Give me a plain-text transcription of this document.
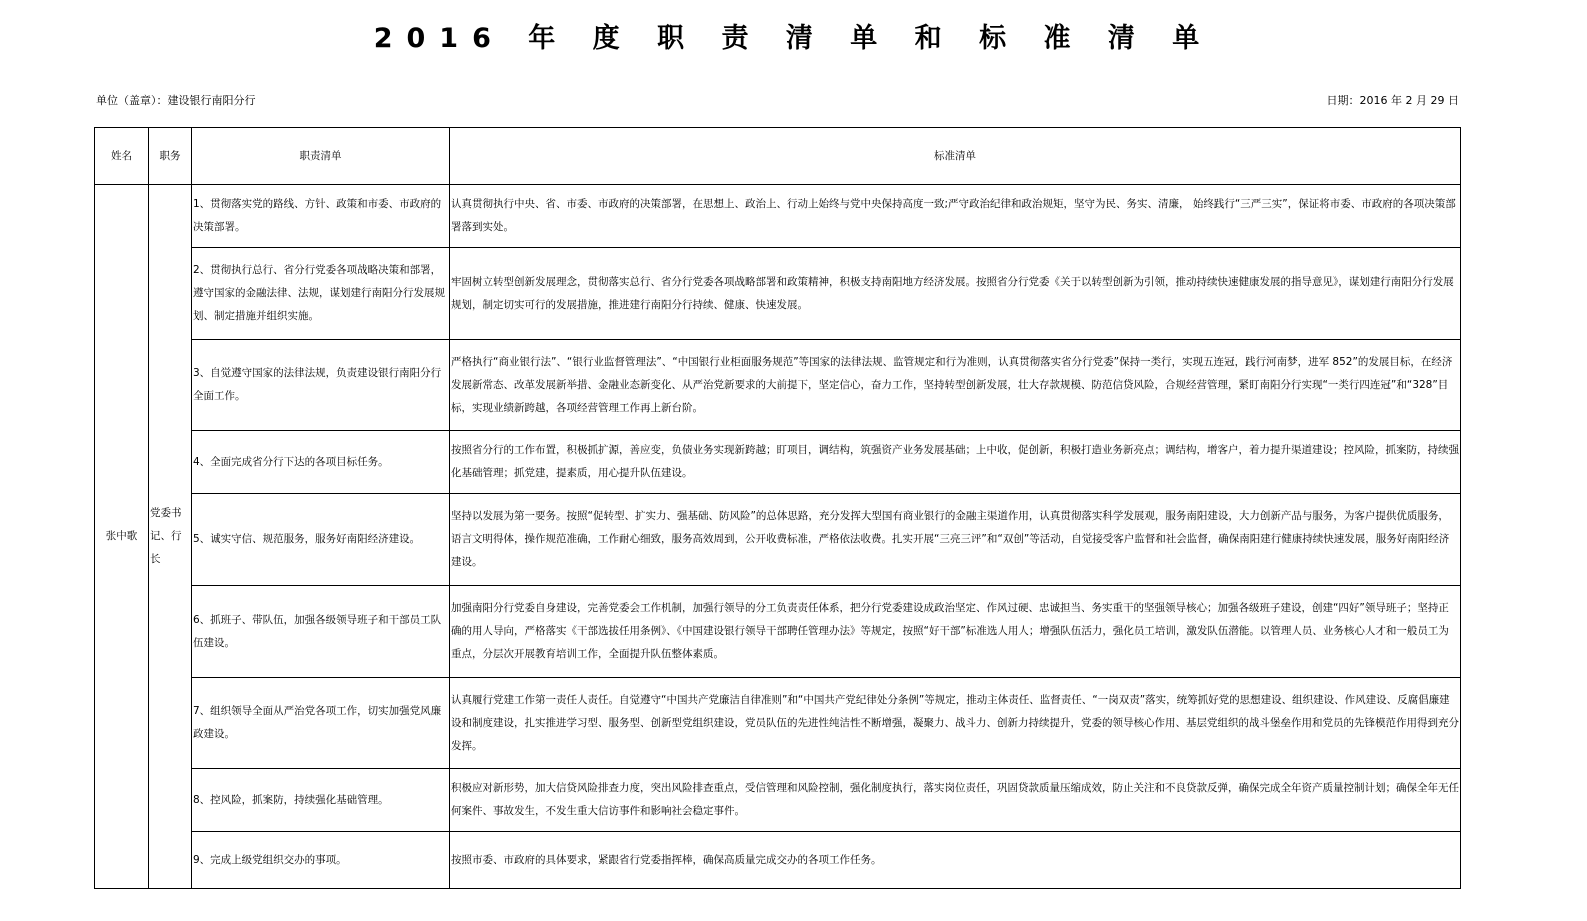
2016 年 度 职 责 清 单 和 标 准 清 单
单位（盖章）：建设银行南阳分行	日期：2016 年 2 月 29 日
姓名	职务	职责清单	标准清单
张中歌	党委书记、行长	1、贯彻落实党的路线、方针、政策和市委、市政府的决策部署。	认真贯彻执行中央、省、市委、市政府的决策部署，在思想上、政治上、行动上始终与党中央保持高度一致;严守政治纪律和政治规矩，坚守为民、务实、清廉， 始终践行“三严三实”，保证将市委、市政府的各项决策部署落到实处。
		2、贯彻执行总行、省分行党委各项战略决策和部署，遵守国家的金融法律、法规，谋划建行南阳分行发展规划、制定措施并组织实施。	牢固树立转型创新发展理念，贯彻落实总行、省分行党委各项战略部署和政策精神，积极支持南阳地方经济发展。按照省分行党委《关于以转型创新为引领，推动持续快速健康发展的指导意见》，谋划建行南阳分行发展规划，制定切实可行的发展措施，推进建行南阳分行持续、健康、快速发展。
		3、自觉遵守国家的法律法规，负责建设银行南阳分行全面工作。	严格执行“商业银行法”、“银行业监督管理法”、“中国银行业柜面服务规范”等国家的法律法规、监管规定和行为准则，认真贯彻落实省分行党委”保持一类行，实现五连冠，践行河南梦，进军 852”的发展目标，在经济发展新常态、改革发展新举措、金融业态新变化、从严治党新要求的大前提下，坚定信心，奋力工作，坚持转型创新发展，壮大存款规模、防范信贷风险，合规经营管理，紧盯南阳分行实现“一类行四连冠”和“328”目标，实现业绩新跨越，各项经营管理工作再上新台阶。
		4、全面完成省分行下达的各项目标任务。	按照省分行的工作布置，积极抓扩源，善应变，负债业务实现新跨越；盯项目，调结构，筑强资产业务发展基础；上中收，促创新，积极打造业务新亮点；调结构，增客户，着力提升渠道建设；控风险，抓案防，持续强化基础管理；抓党建，提素质，用心提升队伍建设。
		5、诚实守信、规范服务，服务好南阳经济建设。	坚持以发展为第一要务。按照“促转型、扩实力、强基础、防风险”的总体思路，充分发挥大型国有商业银行的金融主渠道作用，认真贯彻落实科学发展观，服务南阳建设，大力创新产品与服务，为客户提供优质服务，语言文明得体，操作规范准确，工作耐心细致，服务高效周到，公开收费标准，严格依法收费。扎实开展“三亮三评”和“双创”等活动，自觉接受客户监督和社会监督，确保南阳建行健康持续快速发展，服务好南阳经济建设。
		6、抓班子、带队伍，加强各级领导班子和干部员工队伍建设。	加强南阳分行党委自身建设，完善党委会工作机制，加强行领导的分工负责责任体系，把分行党委建设成政治坚定、作风过硬、忠诚担当、务实重干的坚强领导核心；加强各级班子建设，创建“四好”领导班子；坚持正确的用人导向，严格落实《干部选拔任用条例》、《中国建设银行领导干部聘任管理办法》等规定，按照“好干部”标准选人用人；增强队伍活力，强化员工培训，激发队伍潜能。以管理人员、业务核心人才和一般员工为重点，分层次开展教育培训工作，全面提升队伍整体素质。
		7、组织领导全面从严治党各项工作，切实加强党风廉政建设。	认真履行党建工作第一责任人责任。自觉遵守“中国共产党廉洁自律准则”和“中国共产党纪律处分条例”等规定，推动主体责任、监督责任、“一岗双责”落实，统筹抓好党的思想建设、组织建设、作风建设、反腐倡廉建设和制度建设，扎实推进学习型、服务型、创新型党组织建设，党员队伍的先进性纯洁性不断增强，凝聚力、战斗力、创新力持续提升，党委的领导核心作用、基层党组织的战斗堡垒作用和党员的先锋模范作用得到充分发挥。
		8、控风险，抓案防，持续强化基础管理。	积极应对新形势，加大信贷风险排查力度，突出风险排查重点，受信管理和风险控制，强化制度执行，落实岗位责任，巩固贷款质量压缩成效，防止关注和不良贷款反弹，确保完成全年资产质量控制计划；确保全年无任何案件、事故发生，不发生重大信访事件和影响社会稳定事件。
		9、完成上级党组织交办的事项。	按照市委、市政府的具体要求，紧跟省行党委指挥棒，确保高质量完成交办的各项工作任务。
